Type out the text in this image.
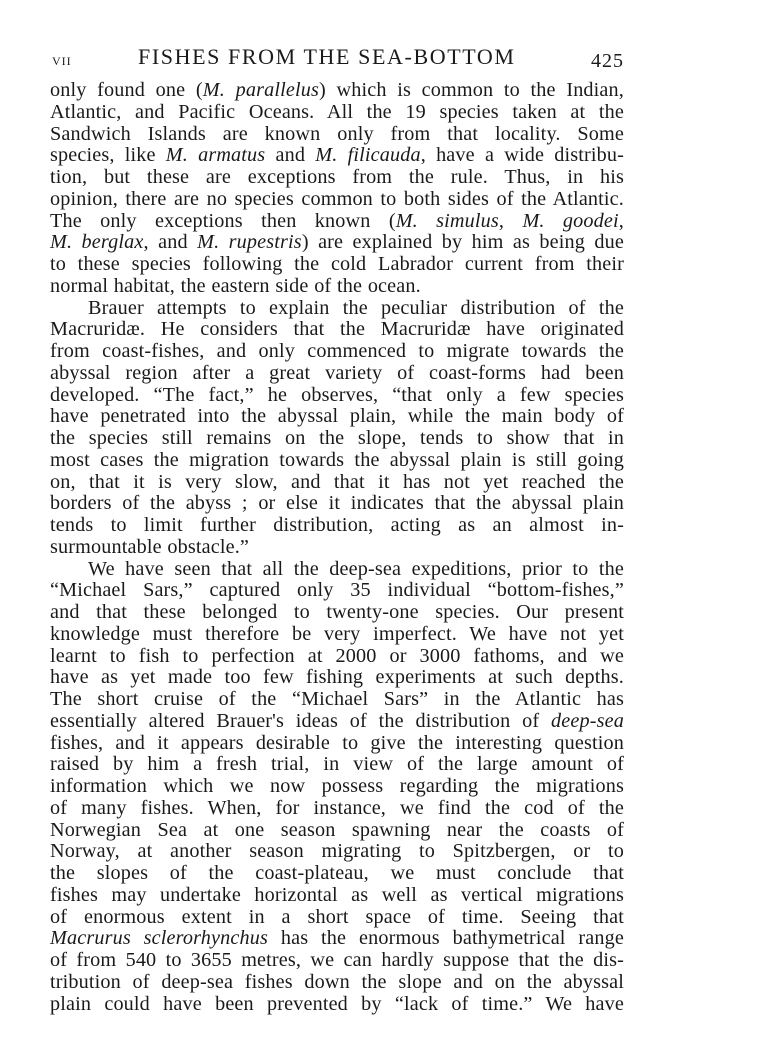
VII	FISHES FROM THE SEA-BOTTOM	425
only found one (M. parallelus) which is common to the Indian,
Atlantic, and Pacific Oceans. All the 19 species taken at the
Sandwich Islands are known only from that locality. Some
species, like M. armatus and M. filicauda, have a wide distribu-
tion, but these are exceptions from the rule. Thus, in his
opinion, there are no species common to both sides of the Atlantic.
The only exceptions then known (M. simulus, M. goodei,
M. berglax, and M. rupestris) are explained by him as being due
to these species following the cold Labrador current from their
normal habitat, the eastern side of the ocean.
Brauer attempts to explain the peculiar distribution of the
Macruridæ. He considers that the Macruridæ have originated
from coast-fishes, and only commenced to migrate towards the
abyssal region after a great variety of coast-forms had been
developed. “The fact,” he observes, “that only a few species
have penetrated into the abyssal plain, while the main body of
the species still remains on the slope, tends to show that in
most cases the migration towards the abyssal plain is still going
on, that it is very slow, and that it has not yet reached the
borders of the abyss ; or else it indicates that the abyssal plain
tends to limit further distribution, acting as an almost in-
surmountable obstacle.”
We have seen that all the deep-sea expeditions, prior to the
“Michael Sars,” captured only 35 individual “bottom-fishes,”
and that these belonged to twenty-one species. Our present
knowledge must therefore be very imperfect. We have not yet
learnt to fish to perfection at 2000 or 3000 fathoms, and we
have as yet made too few fishing experiments at such depths.
The short cruise of the “Michael Sars” in the Atlantic has
essentially altered Brauer's ideas of the distribution of deep-sea
fishes, and it appears desirable to give the interesting question
raised by him a fresh trial, in view of the large amount of
information which we now possess regarding the migrations
of many fishes. When, for instance, we find the cod of the
Norwegian Sea at one season spawning near the coasts of
Norway, at another season migrating to Spitzbergen, or to
the slopes of the coast-plateau, we must conclude that
fishes may undertake horizontal as well as vertical migrations
of enormous extent in a short space of time. Seeing that
Macrurus sclerorhynchus has the enormous bathymetrical range
of from 540 to 3655 metres, we can hardly suppose that the dis-
tribution of deep-sea fishes down the slope and on the abyssal
plain could have been prevented by “lack of time.” We have
